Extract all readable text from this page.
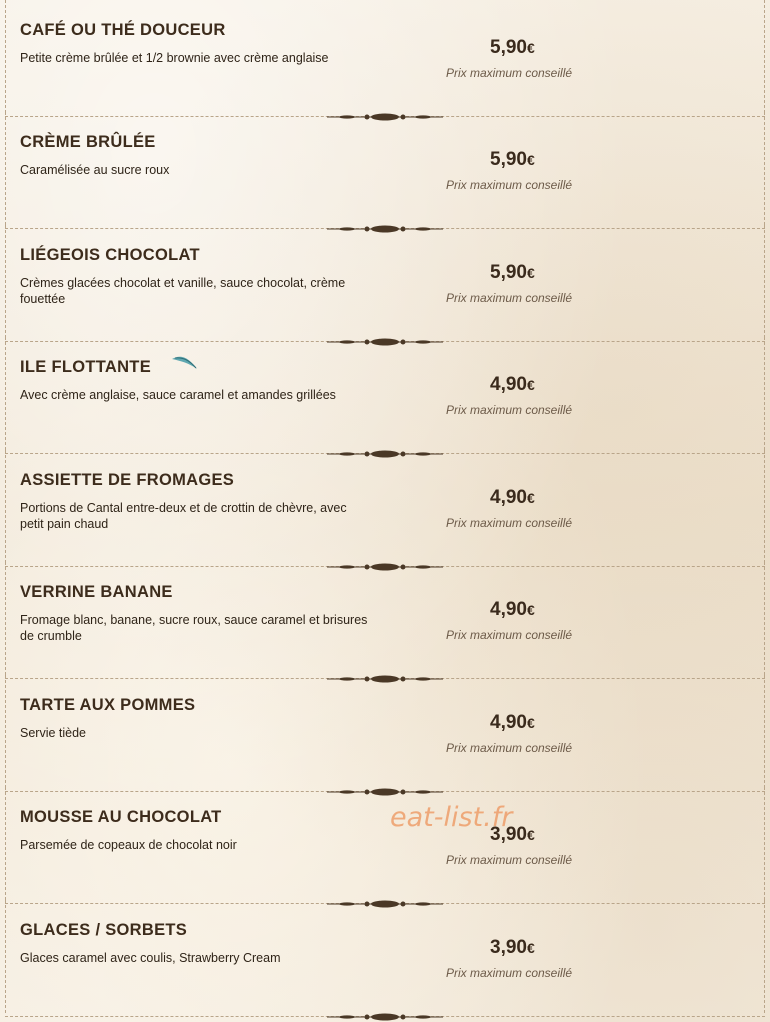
CAFÉ OU THÉ DOUCEUR
Petite crème brûlée et 1/2 brownie avec crème anglaise	5,90€
Prix maximum conseillé
CRÈME BRÛLÉE
Caramélisée au sucre roux	5,90€
Prix maximum conseillé
LIÉGEOIS CHOCOLAT
Crèmes glacées chocolat et vanille, sauce chocolat, crème fouettée
5,90€
Prix maximum conseillé
ILE FLOTTANTE
Avec crème anglaise, sauce caramel et amandes grillées	4,90€
Prix maximum conseillé
ASSIETTE DE FROMAGES
Portions de Cantal entre-deux et de crottin de chèvre, avec petit pain chaud
4,90€
Prix maximum conseillé
VERRINE BANANE
Fromage blanc, banane, sucre roux, sauce caramel et brisures de crumble
4,90€
Prix maximum conseillé
TARTE AUX POMMES
Servie tiède	4,90€
Prix maximum conseillé
MOUSSE AU CHOCOLAT
Parsemée de copeaux de chocolat noir	3,90€
Prix maximum conseillé
GLACES / SORBETS
Glaces caramel avec coulis, Strawberry Cream	3,90€
Prix maximum conseillé
eat-list.fr
